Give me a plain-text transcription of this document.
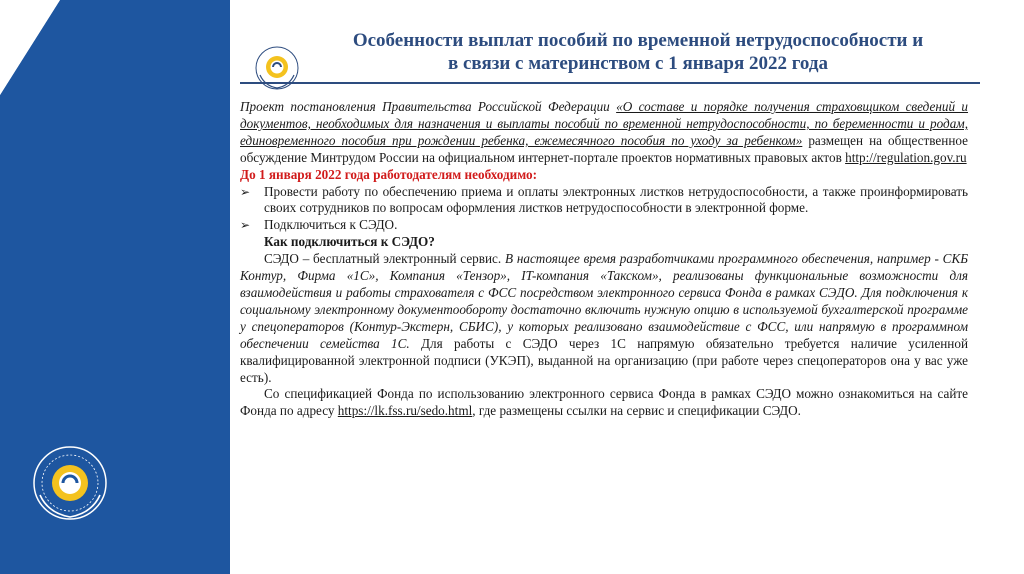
Особенности выплат пособий по временной нетрудоспособности и
в связи с материнством с 1 января 2022 года

Проект постановления Правительства Российской Федерации «О составе и порядке получения страховщиком сведений и документов, необходимых для назначения и выплаты пособий по временной нетрудоспособности, по беременности и родам, единовременного пособия при рождении ребенка, ежемесячного пособия по уходу за ребенком» размещен на общественное обсуждение Минтрудом России на официальном интернет-портале проектов нормативных правовых актов http://regulation.gov.ru

До 1 января 2022 года работодателям необходимо:
➢	Провести работу по обеспечению приема и оплаты электронных листков нетрудоспособности, а также проинформировать своих сотрудников по вопросам оформления листков нетрудоспособности в электронной форме.
➢	Подключиться к СЭДО.
Как подключиться к СЭДО?

СЭДО – бесплатный электронный сервис. В настоящее время разработчиками программного обеспечения, например - СКБ Контур, Фирма «1С», Компания «Тензор», IT-компания «Такском», реализованы функциональные возможности для взаимодействия и работы страхователя с ФСС посредством электронного сервиса Фонда в рамках СЭДО. Для подключения к социальному электронному документообороту достаточно включить нужную опцию в используемой бухгалтерской программе у спецоператоров (Контур-Экстерн, СБИС), у которых реализовано взаимодействие с ФСС, или напрямую в программном обеспечении семейства 1С. Для работы с СЭДО через 1С напрямую обязательно требуется наличие усиленной квалифицированной электронной подписи (УКЭП), выданной на организацию (при работе через спецоператоров она у вас уже есть).

Со спецификацией Фонда по использованию электронного сервиса Фонда в рамках СЭДО можно ознакомиться на сайте Фонда по адресу https://lk.fss.ru/sedo.html, где размещены ссылки на сервис и спецификации СЭДО.
